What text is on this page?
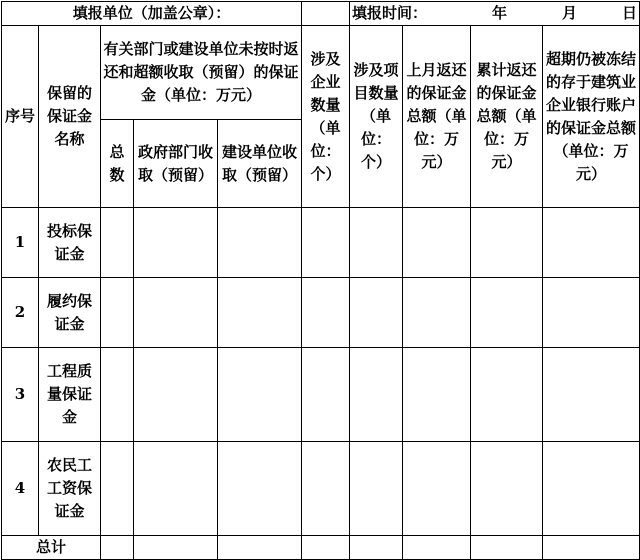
填报单位（加盖公章）：						填报时间： 年 月 日			

序号	保留的保证金名称	有关部门或建设单位未按时返还和超额收取（预留）的保证金（单位：万元）			涉及企业数量（单位：个）	涉及项目数量（单位：个）	上月返还的保证金总额（单位：万元）	累计返还的保证金总额（单位：万元）	超期仍被冻结的存于建筑业企业银行账户的保证金总额（单位：万元）
		总数	政府部门收取（预留）	建设单位收取（预留）					
1	投标保证金								
2	履约保证金								
3	工程质量保证金								
4	农民工工资保证金								
总计									
